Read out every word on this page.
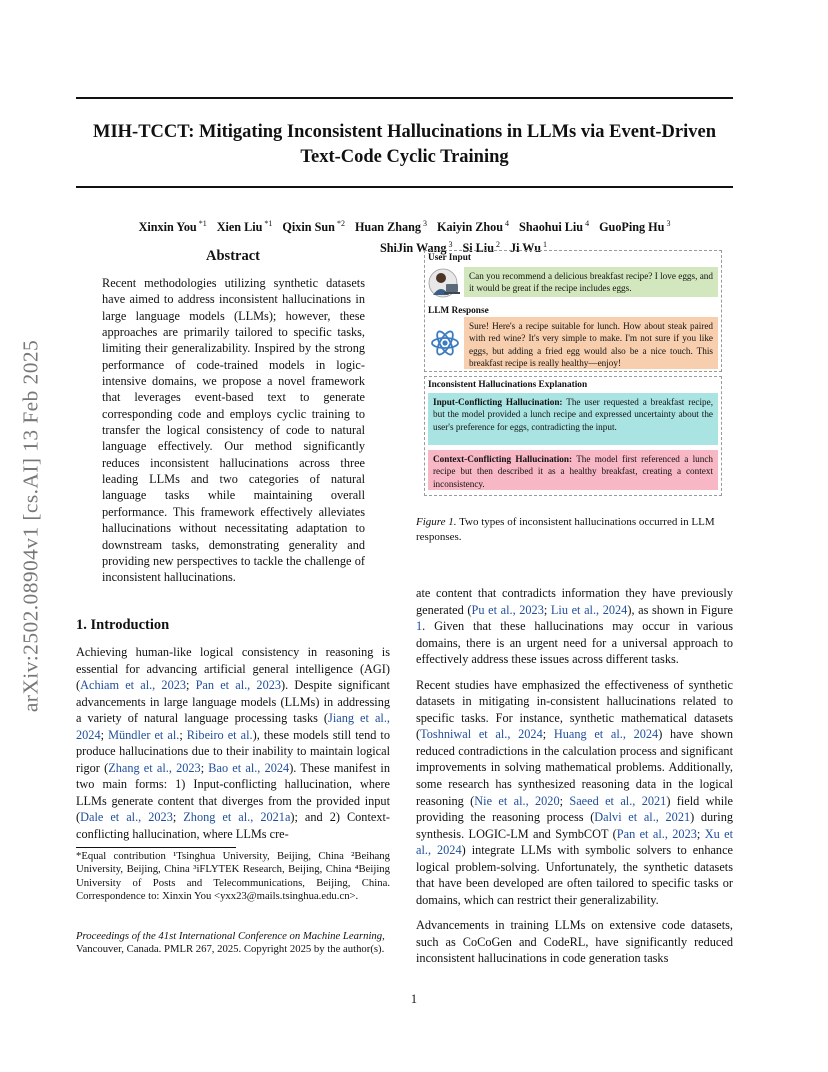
MIH-TCCT: Mitigating Inconsistent Hallucinations in LLMs via Event-Driven Text-Code Cyclic Training
Xinxin You $^{*1}$ Xien Liu $^{*1}$ Qixin Sun $^{*2}$ Huan Zhang $^3$ Kaiyin Zhou $^4$ Shaohui Liu $^4$ GuoPing Hu $^3$
ShiJin Wang $^3$ Si Liu $^2$ Ji Wu $^1$
arXiv:2502.08904v1 [cs.AI] 13 Feb 2025
Abstract
Recent methodologies utilizing synthetic datasets have aimed to address inconsistent hallucinations in large language models (LLMs); however, these approaches are primarily tailored to specific tasks, limiting their generalizability. Inspired by the strong performance of code-trained models in logic-intensive domains, we propose a novel framework that leverages event-based text to generate corresponding code and employs cyclic training to transfer the logical consistency of code to natural language effectively. Our method significantly reduces inconsistent hallucinations across three leading LLMs and two categories of natural language tasks while maintaining overall performance. This framework effectively alleviates hallucinations without necessitating adaptation to downstream tasks, demonstrating generality and providing new perspectives to tackle the challenge of inconsistent hallucinations.
1. Introduction
Achieving human-like logical consistency in reasoning is essential for advancing artificial general intelligence (AGI) (Achiam et al., 2023; Pan et al., 2023). Despite significant advancements in large language models (LLMs) in addressing a variety of natural language processing tasks (Jiang et al., 2024; Mündler et al.; Ribeiro et al.), these models still tend to produce hallucinations due to their inability to maintain logical rigor (Zhang et al., 2023; Bao et al., 2024). These manifest in two main forms: 1) Input-conflicting hallucination, where LLMs generate content that diverges from the provided input (Dale et al., 2023; Zhong et al., 2021a); and 2) Context-conflicting hallucination, where LLMs cre-
*Equal contribution ¹Tsinghua University, Beijing, China ²Beihang University, Beijing, China ³iFLYTEK Research, Beijing, China ⁴Beijing University of Posts and Telecommunications, Beijing, China. Correspondence to: Xinxin You <yxx23@mails.tsinghua.edu.cn>.
Proceedings of the 41st International Conference on Machine Learning, Vancouver, Canada. PMLR 267, 2025. Copyright 2025 by the author(s).

ate content that contradicts information they have previously generated (Pu et al., 2023; Liu et al., 2024), as shown in Figure 1. Given that these hallucinations may occur in various domains, there is an urgent need for a universal approach to effectively address these issues across different tasks.

Recent studies have emphasized the effectiveness of synthetic datasets in mitigating in-consistent hallucinations related to specific tasks. For instance, synthetic mathematical datasets (Toshniwal et al., 2024; Huang et al., 2024) have shown reduced contradictions in the calculation process and significant improvements in solving mathematical problems. Additionally, some research has synthesized reasoning data in the logical reasoning (Nie et al., 2020; Saeed et al., 2021) field while providing the reasoning process (Dalvi et al., 2021) during synthesis. LOGIC-LM and SymbCOT (Pan et al., 2023; Xu et al., 2024) integrate LLMs with symbolic solvers to enhance logical problem-solving. Unfortunately, the synthetic datasets that have been developed are often tailored to specific tasks or domains, which can restrict their generalizability.

Advancements in training LLMs on extensive code datasets, such as CoCoGen and CodeRL, have significantly reduced inconsistent hallucinations in code generation tasks

User Input
Can you recommend a delicious breakfast recipe? I love eggs, and it would be great if the recipe includes eggs.
LLM Response
Sure! Here's a recipe suitable for lunch. How about steak paired with red wine? It's very simple to make. I'm not sure if you like eggs, but adding a fried egg would also be a nice touch. This breakfast recipe is really healthy—enjoy!
Inconsistent Hallucinations Explanation
Input-Conflicting Hallucination: The user requested a breakfast recipe, but the model provided a lunch recipe and expressed uncertainty about the user's preference for eggs, contradicting the input.
Context-Conflicting Hallucination: The model first referenced a lunch recipe but then described it as a healthy breakfast, creating a context inconsistency.
Figure 1. Two types of inconsistent hallucinations occurred in LLM responses.
1
